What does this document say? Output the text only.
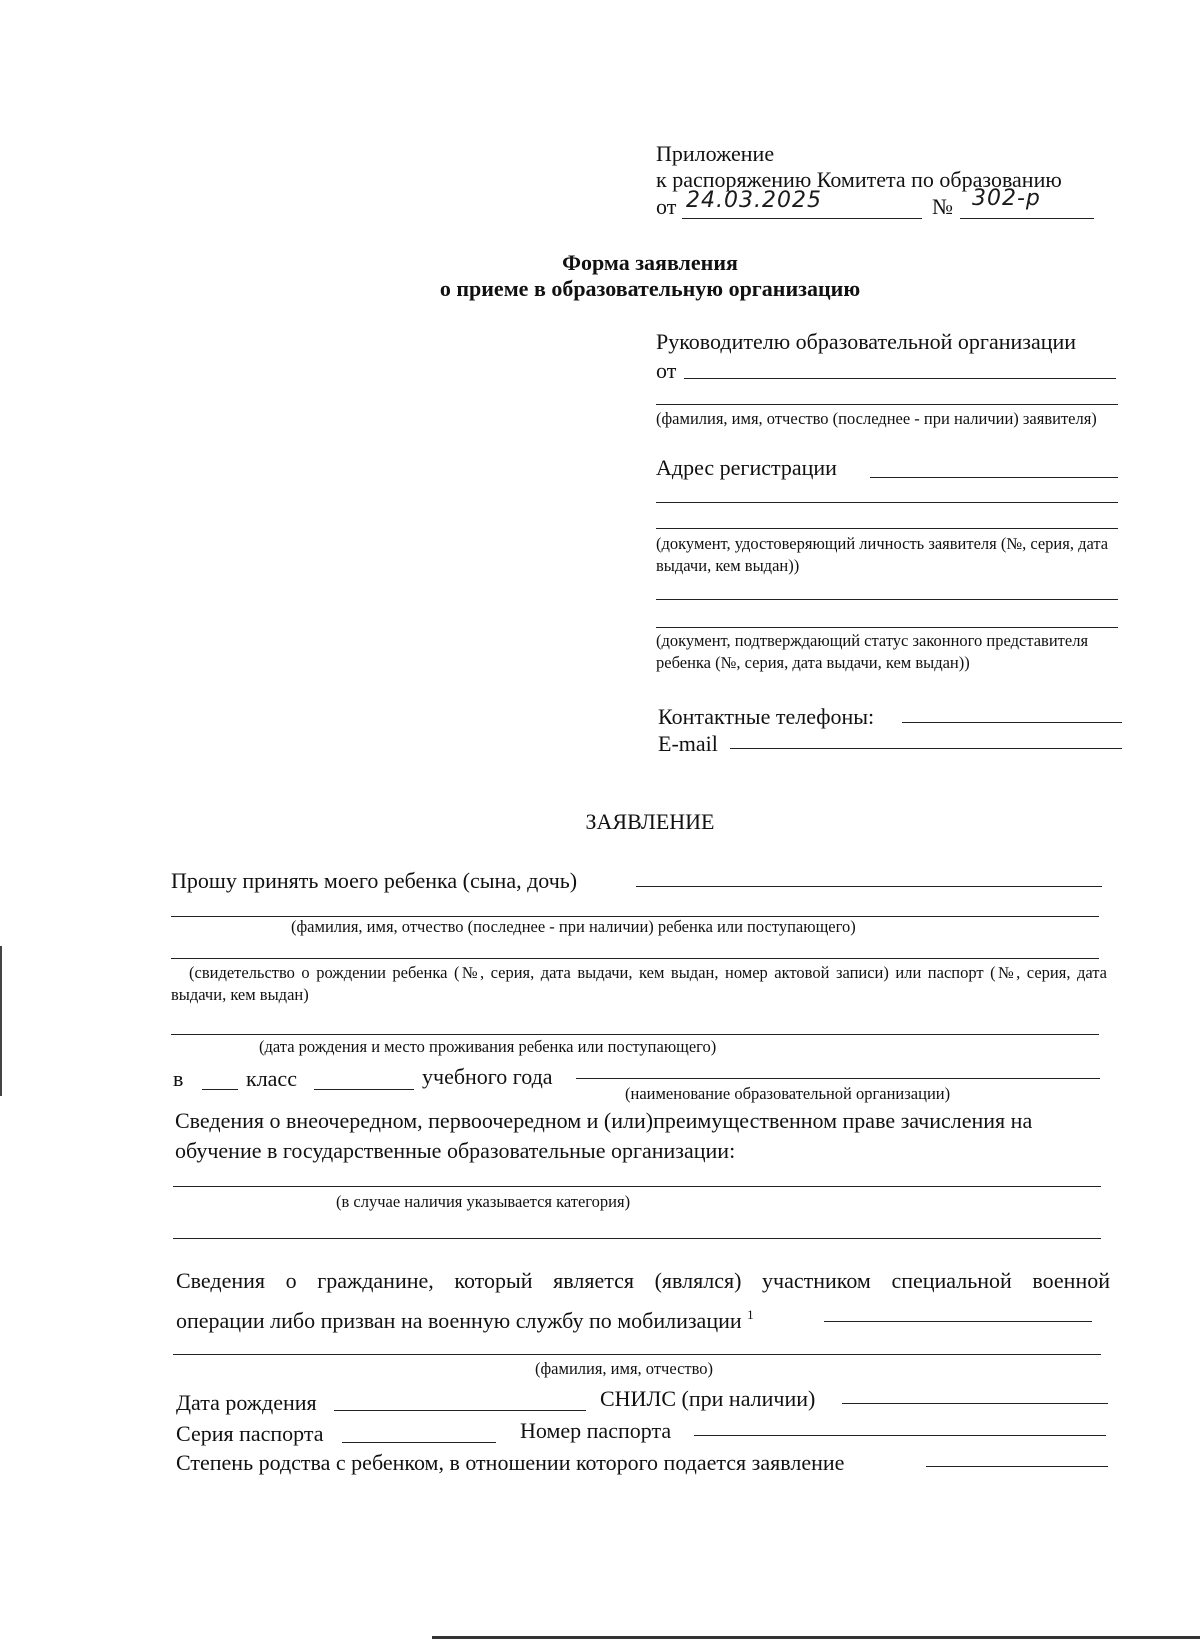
Приложение
к распоряжению Комитета по образованию
от 24.03.2025	№ 302-р
Форма заявления
о приеме в образовательную организацию
Руководителю образовательной организации
от
(фамилия, имя, отчество (последнее - при наличии) заявителя)
Адрес регистрации
(документ, удостоверяющий личность заявителя (№, серия, дата выдачи, кем выдан))
(документ, подтверждающий статус законного представителя ребенка (№, серия, дата выдачи, кем выдан))
Контактные телефоны:
E-mail
ЗАЯВЛЕНИЕ
Прошу принять моего ребенка (сына, дочь)
(фамилия, имя, отчество (последнее - при наличии) ребенка или поступающего)
(свидетельство о рождении ребенка (№, серия, дата выдачи, кем выдан, номер актовой записи) или паспорт (№, серия, дата выдачи, кем выдан)
(дата рождения и место проживания ребенка или поступающего)
в	класс	учебного года
(наименование образовательной организации)
Сведения о внеочередном, первоочередном и (или)преимущественном праве зачисления на обучение в государственные образовательные организации:
(в случае наличия указывается категория)
Сведения о гражданине, который является (являлся) участником специальной военной
операции либо призван на военную службу по мобилизации $^1$
(фамилия, имя, отчество)
Дата рождения	СНИЛС (при наличии)
Серия паспорта	Номер паспорта
Степень родства с ребенком, в отношении которого подается заявление
